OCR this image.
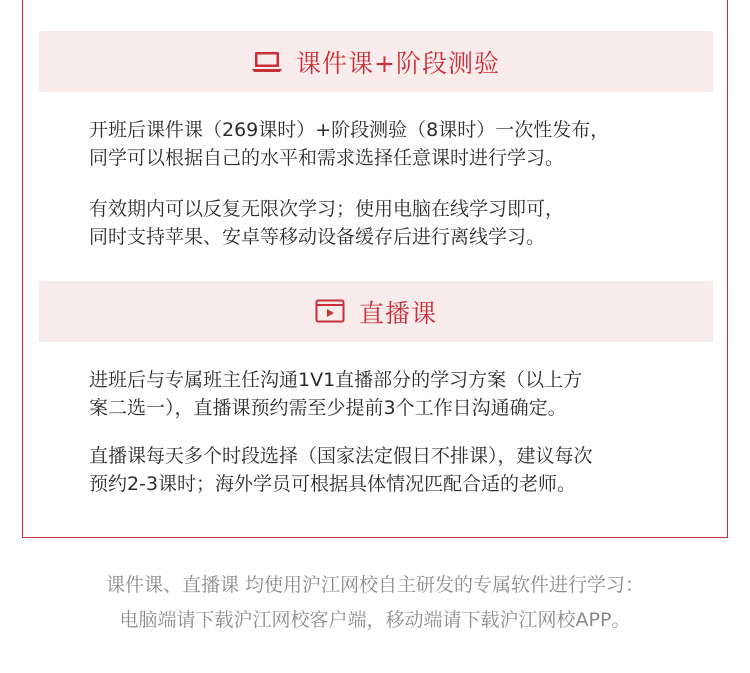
课件课+阶段测验
开班后课件课（269课时）+阶段测验（8课时）一次性发布，
同学可以根据自己的水平和需求选择任意课时进行学习。
有效期内可以反复无限次学习；使用电脑在线学习即可，
同时支持苹果、安卓等移动设备缓存后进行离线学习。
直播课
进班后与专属班主任沟通1V1直播部分的学习方案（以上方
案二选一），直播课预约需至少提前3个工作日沟通确定。
直播课每天多个时段选择（国家法定假日不排课），建议每次
预约2-3课时；海外学员可根据具体情况匹配合适的老师。
课件课、直播课 均使用沪江网校自主研发的专属软件进行学习：
电脑端请下载沪江网校客户端，移动端请下载沪江网校APP。
